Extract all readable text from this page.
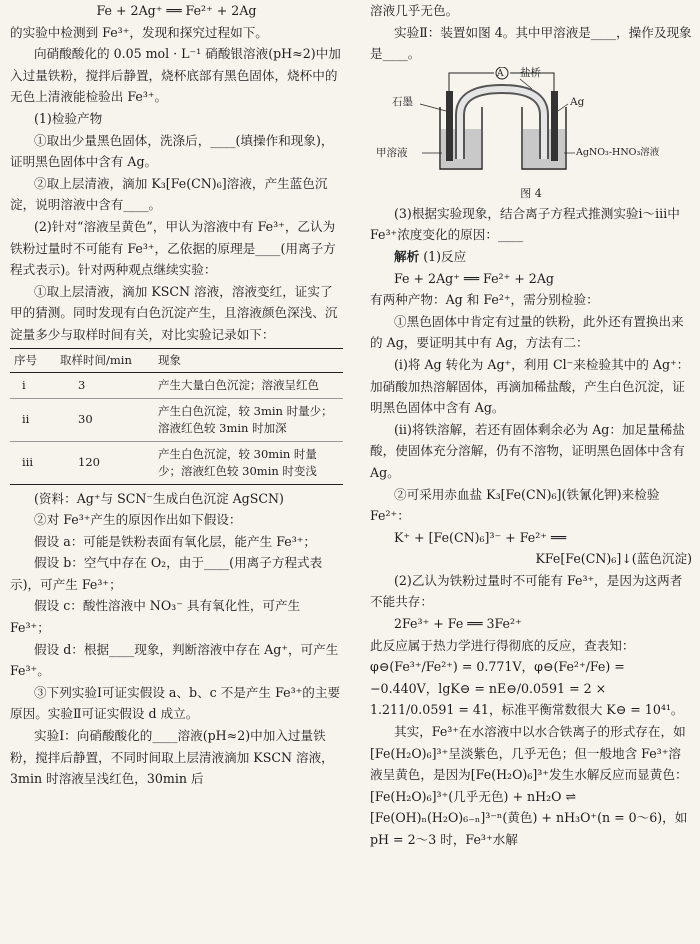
Fe + 2Ag⁺ ══ Fe²⁺ + 2Ag

的实验中检测到 Fe³⁺，发现和探究过程如下。

向硝酸酸化的 0.05 mol · L⁻¹ 硝酸银溶液(pH≈2)中加入过量铁粉，搅拌后静置，烧杯底部有黑色固体，烧杯中的无色上清液能检验出 Fe³⁺。

(1)检验产物

①取出少量黑色固体，洗涤后，____(填操作和现象)，证明黑色固体中含有 Ag。

②取上层清液，滴加 K₃[Fe(CN)₆]溶液，产生蓝色沉淀，说明溶液中含有____。

(2)针对“溶液呈黄色”，甲认为溶液中有 Fe³⁺，乙认为铁粉过量时不可能有 Fe³⁺，乙依据的原理是____(用离子方程式表示)。针对两种观点继续实验：

①取上层清液，滴加 KSCN 溶液，溶液变红，证实了甲的猜测。同时发现有白色沉淀产生，且溶液颜色深浅、沉淀量多少与取样时间有关，对比实验记录如下：

序号	取样时间/min	现象
ⅰ	3	产生大量白色沉淀；溶液呈红色
ⅱ	30	产生白色沉淀，较 3min 时量少；溶液红色较 3min 时加深
ⅲ	120	产生白色沉淀，较 30min 时量少；溶液红色较 30min 时变浅

(资料：Ag⁺与 SCN⁻生成白色沉淀 AgSCN)

②对 Fe³⁺产生的原因作出如下假设：

假设 a：可能是铁粉表面有氧化层，能产生 Fe³⁺；

假设 b：空气中存在 O₂，由于____(用离子方程式表示)，可产生 Fe³⁺；

假设 c：酸性溶液中 NO₃⁻ 具有氧化性，可产生 Fe³⁺；

假设 d：根据____现象，判断溶液中存在 Ag⁺，可产生 Fe³⁺。

③下列实验Ⅰ可证实假设 a、b、c 不是产生 Fe³⁺的主要原因。实验Ⅱ可证实假设 d 成立。

实验Ⅰ：向硝酸酸化的____溶液(pH≈2)中加入过量铁粉，搅拌后静置，不同时间取上层清液滴加 KSCN 溶液，3min 时溶液呈浅红色，30min 后

溶液几乎无色。

实验Ⅱ：装置如图 4。其中甲溶液是____，操作及现象是____。

A 盐桥
石墨	Ag
甲溶液	AgNO₃-HNO₃溶液

图 4

(3)根据实验现象，结合离子方程式推测实验ⅰ～ⅲ中 Fe³⁺浓度变化的原因：____

解析 (1)反应

Fe + 2Ag⁺ ══ Fe²⁺ + 2Ag

有两种产物：Ag 和 Fe²⁺，需分别检验：

①黑色固体中肯定有过量的铁粉，此外还有置换出来的 Ag，要证明其中有 Ag，方法有二：

(ⅰ)将 Ag 转化为 Ag⁺，利用 Cl⁻来检验其中的 Ag⁺：加硝酸加热溶解固体，再滴加稀盐酸，产生白色沉淀，证明黑色固体中含有 Ag。

(ⅱ)将铁溶解，若还有固体剩余必为 Ag：加足量稀盐酸，使固体充分溶解，仍有不溶物，证明黑色固体中含有 Ag。

②可采用赤血盐 K₃[Fe(CN)₆](铁氰化钾)来检验 Fe²⁺：

K⁺ + [Fe(CN)₆]³⁻ + Fe²⁺ ══

KFe[Fe(CN)₆]↓(蓝色沉淀)

(2)乙认为铁粉过量时不可能有 Fe³⁺，是因为这两者不能共存：

2Fe³⁺ + Fe ══ 3Fe²⁺

此反应属于热力学进行得彻底的反应，查表知：φ⊖(Fe³⁺/Fe²⁺) = 0.771V，φ⊖(Fe²⁺/Fe) = −0.440V，lgK⊖ = nE⊖/0.0591 = 2 × 1.211/0.0591 = 41，标准平衡常数很大 K⊖ = 10⁴¹。

其实，Fe³⁺在水溶液中以水合铁离子的形式存在，如[Fe(H₂O)₆]³⁺呈淡紫色，几乎无色；但一般地含 Fe³⁺溶液呈黄色，是因为[Fe(H₂O)₆]³⁺发生水解反应而显黄色：[Fe(H₂O)₆]³⁺(几乎无色) + nH₂O ⇌ [Fe(OH)ₙ(H₂O)₆₋ₙ]³⁻ⁿ(黄色) + nH₃O⁺(n = 0～6)，如 pH = 2～3 时，Fe³⁺水解
